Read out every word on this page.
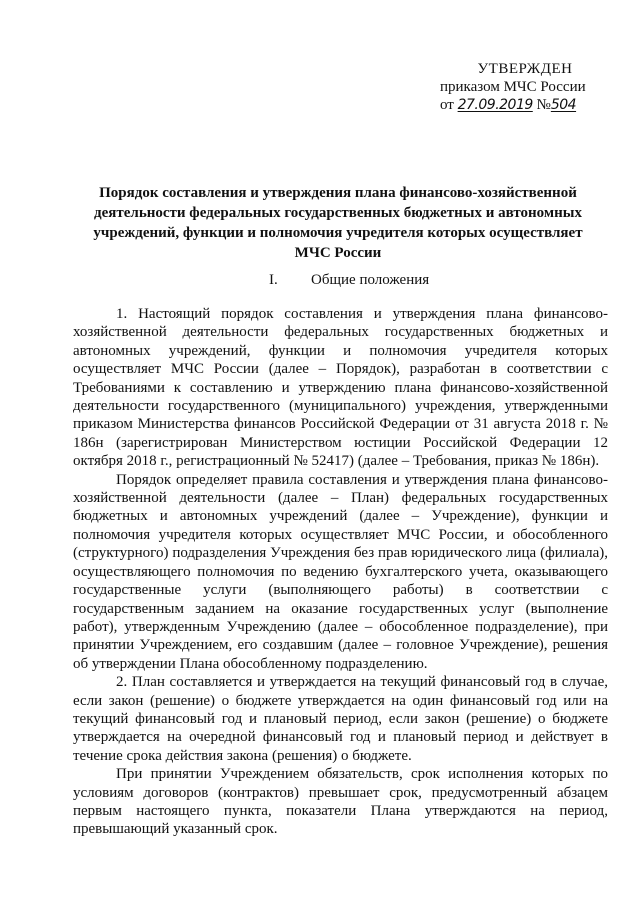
УТВЕРЖДЕН
приказом МЧС России
от 27.09.2019 №504
Порядок составления и утверждения плана финансово-хозяйственной деятельности федеральных государственных бюджетных и автономных учреждений, функции и полномочия учредителя которых осуществляет МЧС России
I. Общие положения

1. Настоящий порядок составления и утверждения плана финансово-хозяйственной деятельности федеральных государственных бюджетных и автономных учреждений, функции и полномочия учредителя которых осуществляет МЧС России (далее – Порядок), разработан в соответствии с Требованиями к составлению и утверждению плана финансово-хозяйственной деятельности государственного (муниципального) учреждения, утвержденными приказом Министерства финансов Российской Федерации от 31 августа 2018 г. № 186н (зарегистрирован Министерством юстиции Российской Федерации 12 октября 2018 г., регистрационный № 52417) (далее – Требования, приказ № 186н).

Порядок определяет правила составления и утверждения плана финансово-хозяйственной деятельности (далее – План) федеральных государственных бюджетных и автономных учреждений (далее – Учреждение), функции и полномочия учредителя которых осуществляет МЧС России, и обособленного (структурного) подразделения Учреждения без прав юридического лица (филиала), осуществляющего полномочия по ведению бухгалтерского учета, оказывающего государственные услуги (выполняющего работы) в соответствии с государственным заданием на оказание государственных услуг (выполнение работ), утвержденным Учреждению (далее – обособленное подразделение), при принятии Учреждением, его создавшим (далее – головное Учреждение), решения об утверждении Плана обособленному подразделению.

2. План составляется и утверждается на текущий финансовый год в случае, если закон (решение) о бюджете утверждается на один финансовый год или на текущий финансовый год и плановый период, если закон (решение) о бюджете утверждается на очередной финансовый год и плановый период и действует в течение срока действия закона (решения) о бюджете.

При принятии Учреждением обязательств, срок исполнения которых по условиям договоров (контрактов) превышает срок, предусмотренный абзацем первым настоящего пункта, показатели Плана утверждаются на период, превышающий указанный срок.
